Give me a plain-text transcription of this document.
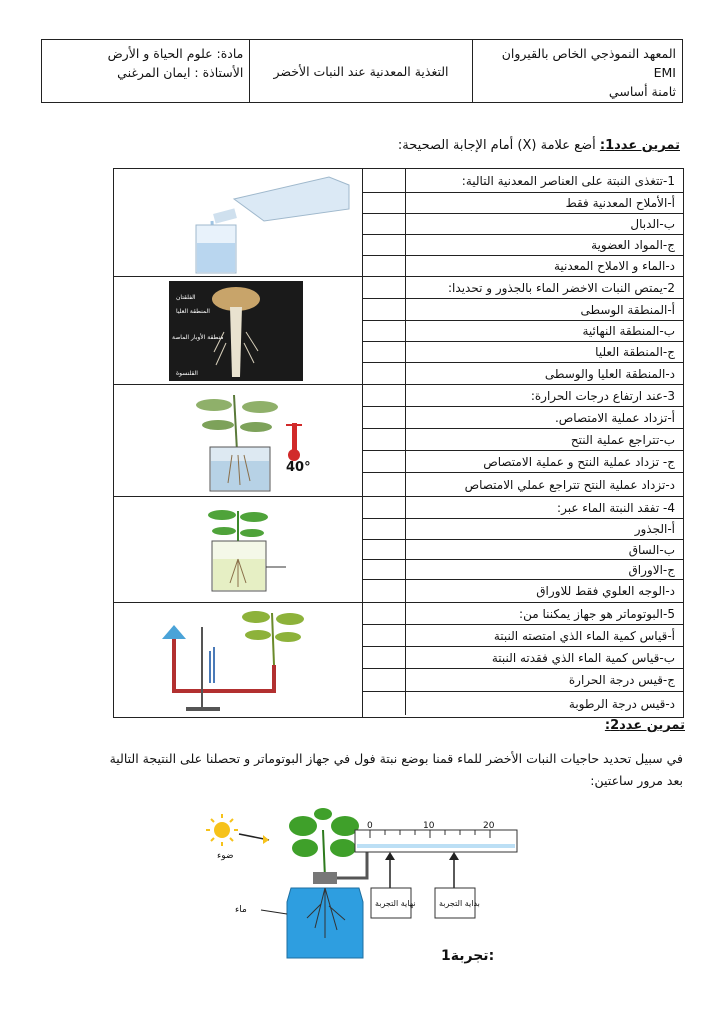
المعهد النموذجي الخاص بالقيروان EMI
ثامنة أساسي
التغذية المعدنية عند النبات الأخضر
مادة: علوم الحياة و الأرض
الأستاذة : ايمان المرغني
تمرين عدد1: أضع علامة (X) أمام الإجابة الصحيحة:
1-تتغذى النبتة على العناصر المعدنية التالية:
أ-الأملاح المعدنية فقط
ب-الدبال
ج-المواد العضوية
د-الماء و الاملاح المعدنية
الفلقتان
المنطقة العليا
منطقة الأوبار الماصة
القلنسوة
2-يمتص النبات الاخضر الماء بالجذور و تحديدا:
أ-المنطقة الوسطى
ب-المنطقة النهائية
ج-المنطقة العليا
د-المنطقة العليا والوسطى
40°
3-عند ارتفاع درجات الحرارة:
أ-تزداد عملية الامتصاص.
ب-تتراجع عملية النتح
ج- تزداد عملية النتح و عملية الامتصاص
د-تزداد عملية النتح تتراجع عملي الامتصاص
4- تفقد النبتة الماء عبر:
أ-الجذور
ب-الساق
ج-الاوراق
د-الوجه العلوي فقط للاوراق
5-البوتوماتر هو جهاز يمكننا من:
أ-قياس كمية الماء الذي امتصته النبتة
ب-قياس كمية الماء الذي فقدته النبتة
ج-قيس درجة الحرارة
د-قيس درجة الرطوبة
تمرين عدد2:
في سبيل تحديد حاجيات النبات الأخضر للماء قمنا بوضع نبتة فول في جهاز البوتوماتر و تحصلنا على النتيجة التالية
بعد مرور ساعتين:
ضوء
ماء
0	10	20
نهاية التجربة	بداية التجربة
تجربة1:
